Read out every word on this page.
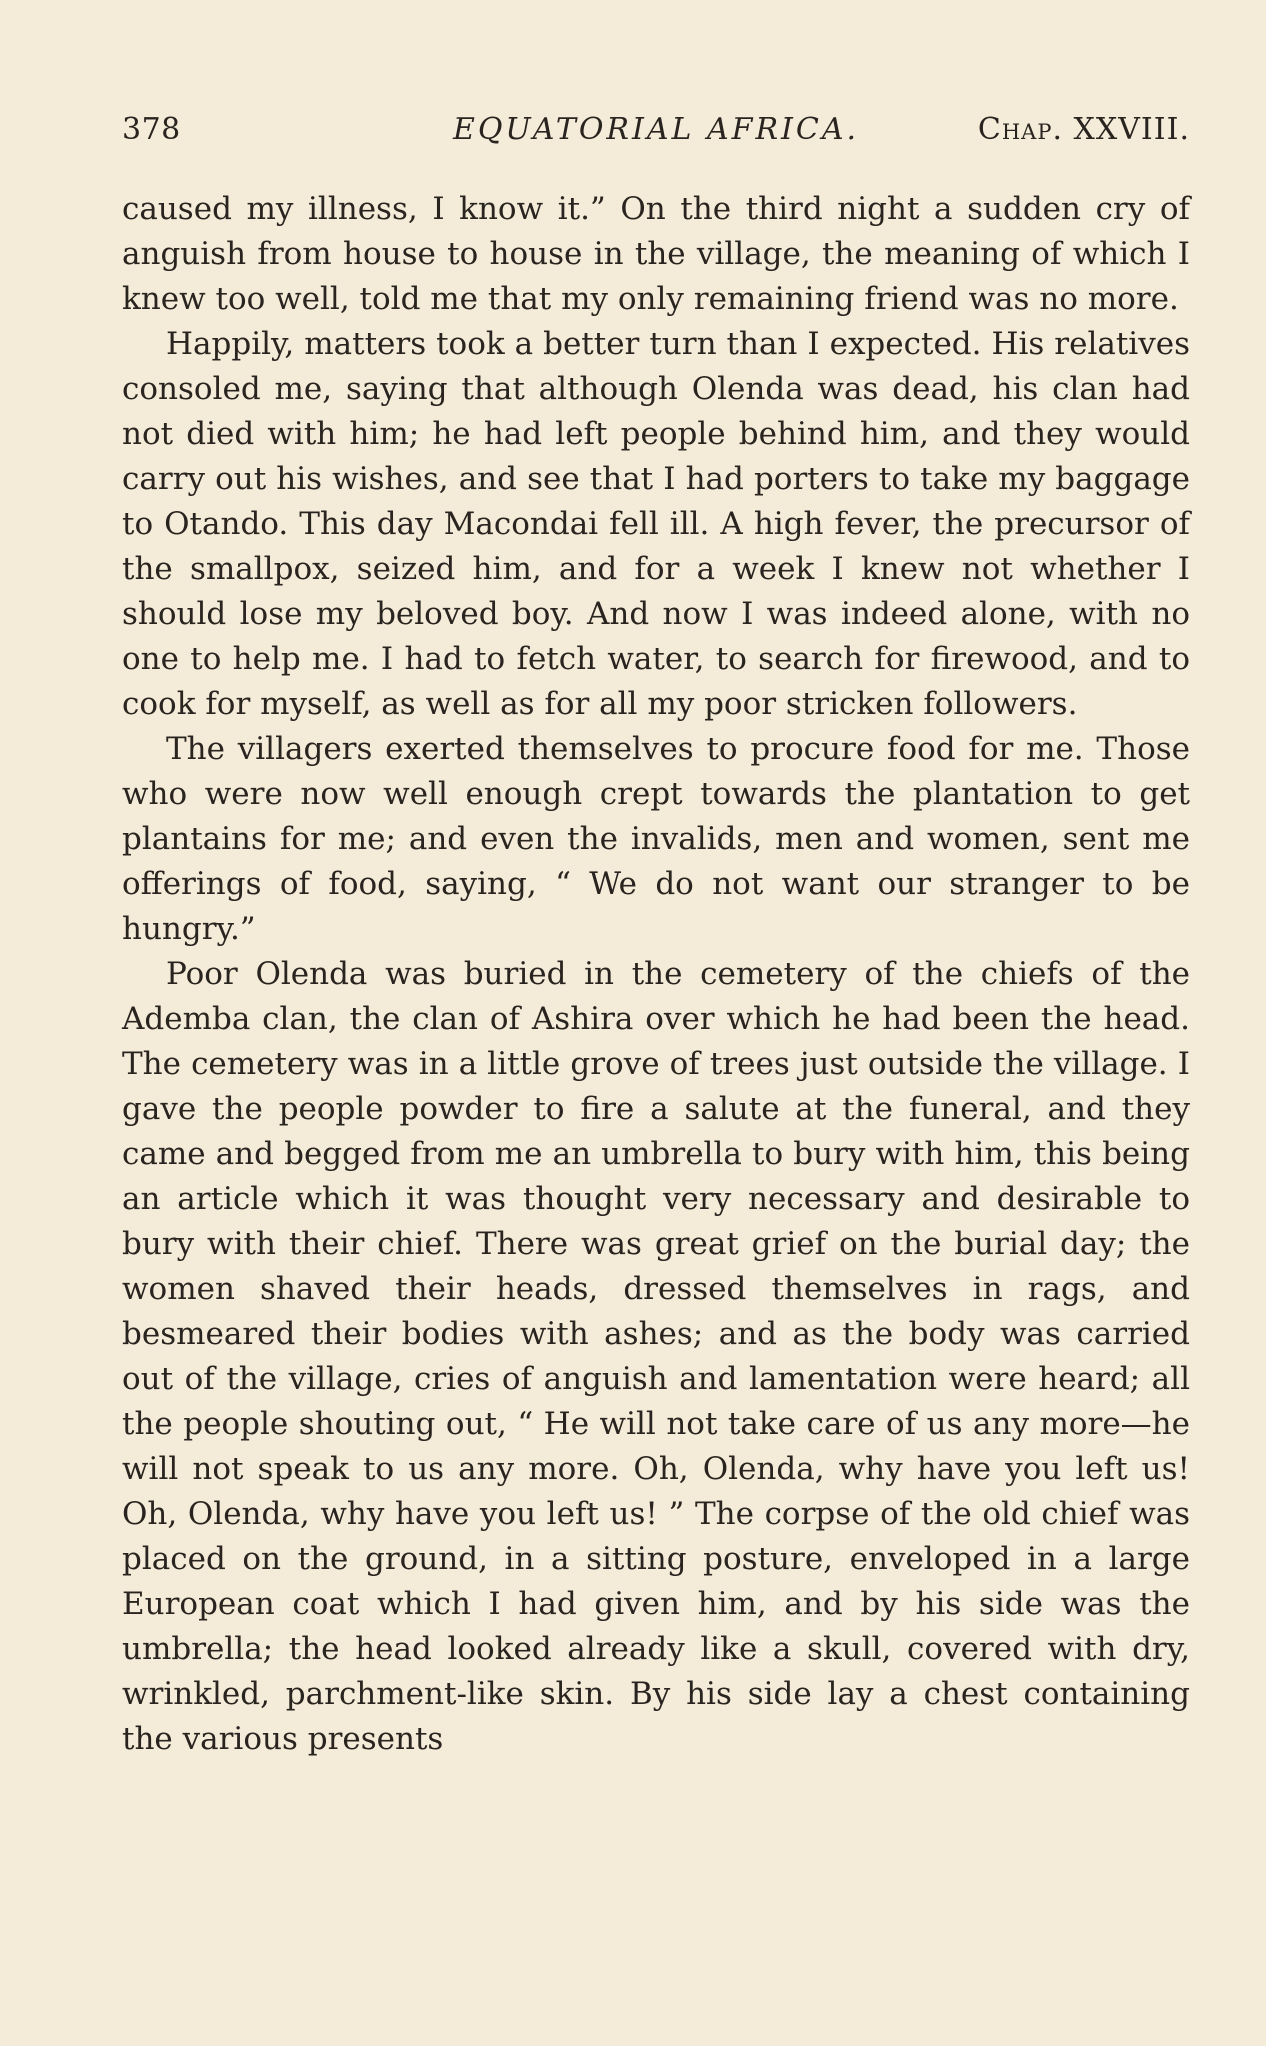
378	EQUATORIAL AFRICA.	Chap. XXVIII.

caused my illness, I know it.” On the third night a sudden cry of anguish from house to house in the village, the meaning of which I knew too well, told me that my only remaining friend was no more.

Happily, matters took a better turn than I expected. His relatives consoled me, saying that although Olenda was dead, his clan had not died with him; he had left people behind him, and they would carry out his wishes, and see that I had porters to take my baggage to Otando. This day Macondai fell ill. A high fever, the precursor of the smallpox, seized him, and for a week I knew not whether I should lose my beloved boy. And now I was indeed alone, with no one to help me. I had to fetch water, to search for firewood, and to cook for myself, as well as for all my poor stricken followers.

The villagers exerted themselves to procure food for me. Those who were now well enough crept towards the plantation to get plantains for me; and even the invalids, men and women, sent me offerings of food, saying, “ We do not want our stranger to be hungry.”

Poor Olenda was buried in the cemetery of the chiefs of the Ademba clan, the clan of Ashira over which he had been the head. The cemetery was in a little grove of trees just outside the village. I gave the people powder to fire a salute at the funeral, and they came and begged from me an umbrella to bury with him, this being an article which it was thought very necessary and desirable to bury with their chief. There was great grief on the burial day; the women shaved their heads, dressed themselves in rags, and besmeared their bodies with ashes; and as the body was carried out of the village, cries of anguish and lamentation were heard; all the people shouting out, “ He will not take care of us any more—he will not speak to us any more. Oh, Olenda, why have you left us! Oh, Olenda, why have you left us! ” The corpse of the old chief was placed on the ground, in a sitting posture, enveloped in a large European coat which I had given him, and by his side was the umbrella; the head looked already like a skull, covered with dry, wrinkled, parchment-like skin. By his side lay a chest containing the various presents
